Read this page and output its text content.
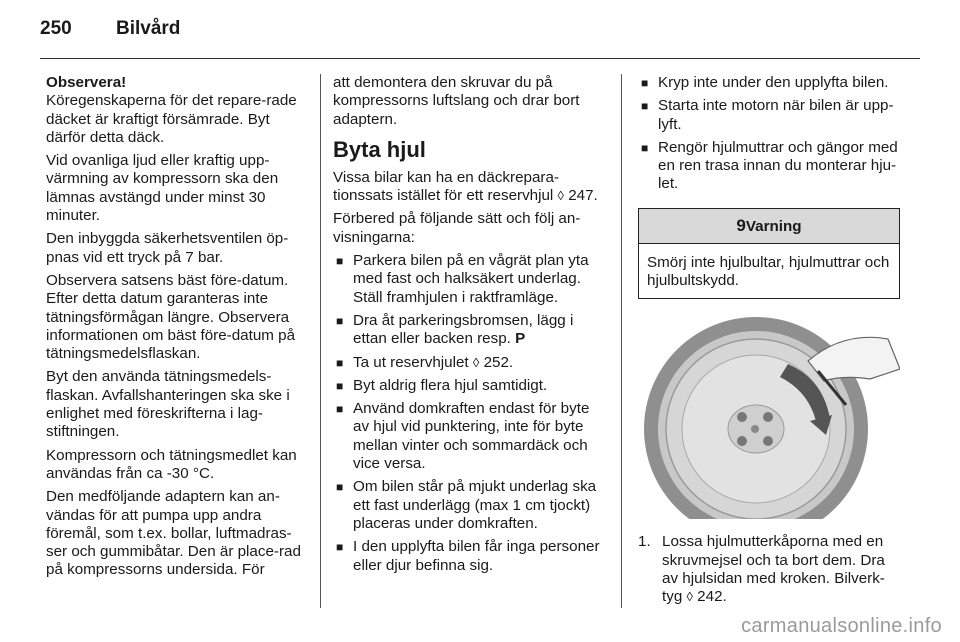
250 Bilvård

Observera!
Köregenskaperna för det repare-rade däcket är kraftigt försämrade. Byt därför detta däck.

Vid ovanliga ljud eller kraftig upp-värmning av kompressorn ska den lämnas avstängd under minst 30 minuter.

Den inbyggda säkerhetsventilen öp-pnas vid ett tryck på 7 bar.

Observera satsens bäst före-datum. Efter detta datum garanteras inte tätningsförmågan längre. Observera informationen om bäst före-datum på tätningsmedelsflaskan.

Byt den använda tätningsmedels-flaskan. Avfallshanteringen ska ske i enlighet med föreskrifterna i lag-stiftningen.

Kompressorn och tätningsmedlet kan användas från ca -30 °C.

Den medföljande adaptern kan an-vändas för att pumpa upp andra föremål, som t.ex. bollar, luftmadras-ser och gummibåtar. Den är place-rad på kompressorns undersida. För

att demontera den skruvar du på kompressorns luftslang och drar bort adaptern.

Byta hjul

Vissa bilar kan ha en däckrepara-tionssats istället för ett reservhjul ◊ 247.

Förbered på följande sätt och följ an-visningarna:

■ Parkera bilen på en vågrät plan yta med fast och halksäkert underlag. Ställ framhjulen i raktframläge.
■ Dra åt parkeringsbromsen, lägg i ettan eller backen resp. P
■ Ta ut reservhjulet ◊ 252.
■ Byt aldrig flera hjul samtidigt.
■ Använd domkraften endast för byte av hjul vid punktering, inte för byte mellan vinter och sommardäck och vice versa.
■ Om bilen står på mjukt underlag ska ett fast underlägg (max 1 cm tjockt) placeras under domkraften.
■ I den upplyfta bilen får inga personer eller djur befinna sig.
■ Kryp inte under den upplyfta bilen.
■ Starta inte motorn när bilen är upp-lyft.
■ Rengör hjulmuttrar och gängor med en ren trasa innan du monterar hju-let.
9Varning
Smörj inte hjulbultar, hjulmuttrar och hjulbultskydd.
1. Lossa hjulmutterkåporna med en skruvmejsel och ta bort dem. Dra av hjulsidan med kroken. Bilverk-tyg ◊ 242.
carmanualsonline.info
